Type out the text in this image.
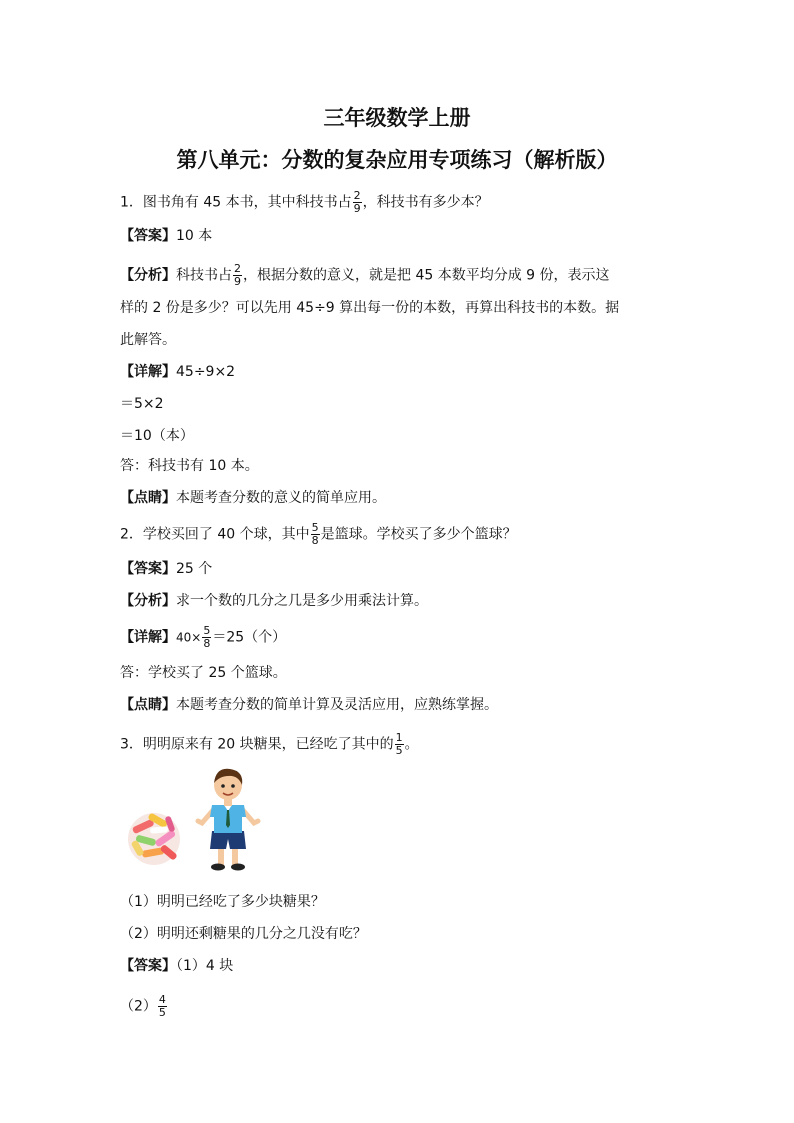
三年级数学上册
第八单元：分数的复杂应用专项练习（解析版）
1．图书角有 45 本书，其中科技书占 $\frac{2}{9}$ ，科技书有多少本？
【答案】10 本
【分析】科技书占 $\frac{2}{9}$ ，根据分数的意义，就是把 45 本数平均分成 9 份，表示这
样的 2 份是多少？可以先用 45÷9 算出每一份的本数，再算出科技书的本数。据
此解答。
【详解】45÷9×2
＝5×2
＝10（本）
答：科技书有 10 本。
【点睛】本题考查分数的意义的简单应用。
2．学校买回了 40 个球，其中 $\frac{5}{8}$ 是篮球。学校买了多少个篮球？
【答案】25 个
【分析】求一个数的几分之几是多少用乘法计算。
【详解】$40\times \frac{5}{8} =25$（个）
答：学校买了 25 个篮球。
【点睛】本题考查分数的简单计算及灵活应用，应熟练掌握。
3．明明原来有 20 块糖果，已经吃了其中的 $\frac{1}{5}$ 。
（1）明明已经吃了多少块糖果？
（2）明明还剩糖果的几分之几没有吃？
【答案】（1）4 块
$(2) \frac{4}{5}$
